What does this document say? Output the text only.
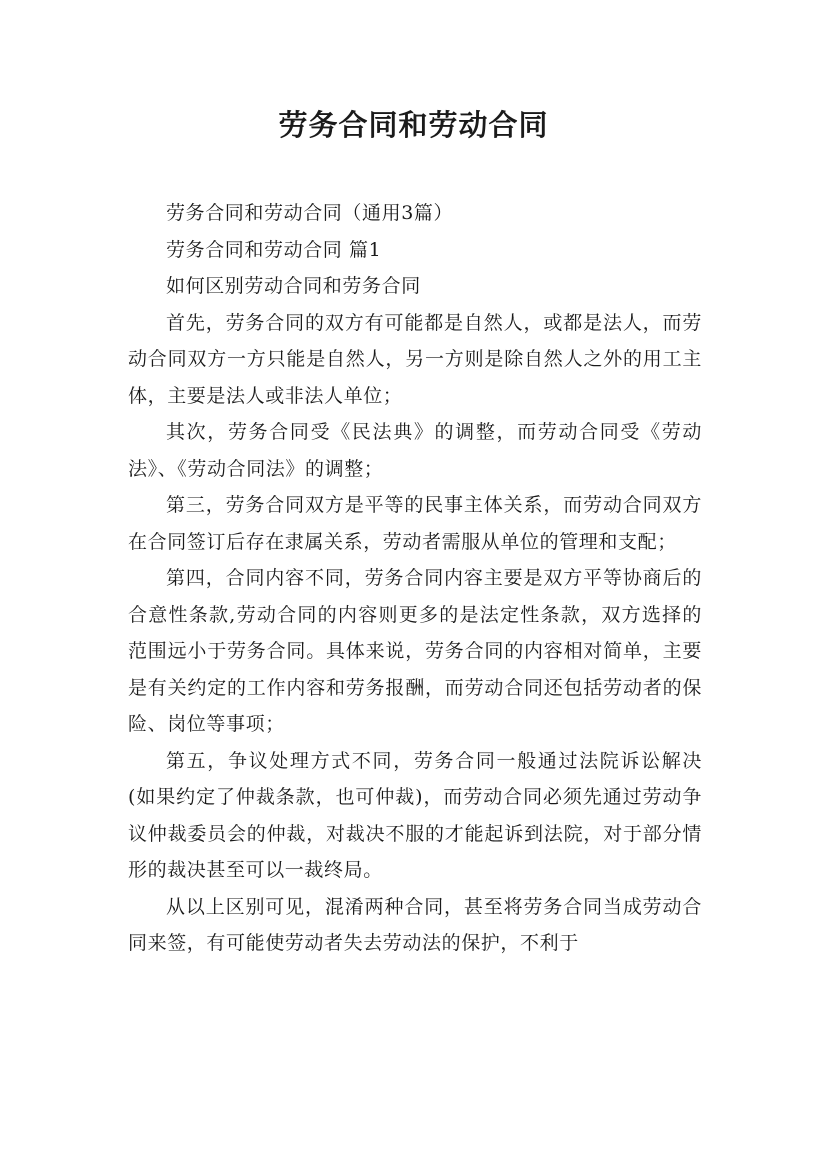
劳务合同和劳动合同

劳务合同和劳动合同（通用3篇）

劳务合同和劳动合同 篇1

如何区别劳动合同和劳务合同

首先，劳务合同的双方有可能都是自然人，或都是法人，而劳动合同双方一方只能是自然人，另一方则是除自然人之外的用工主体，主要是法人或非法人单位；

其次，劳务合同受《民法典》的调整，而劳动合同受《劳动法》、《劳动合同法》的调整；

第三，劳务合同双方是平等的民事主体关系，而劳动合同双方在合同签订后存在隶属关系，劳动者需服从单位的管理和支配；

第四，合同内容不同，劳务合同内容主要是双方平等协商后的合意性条款,劳动合同的内容则更多的是法定性条款，双方选择的范围远小于劳务合同。具体来说，劳务合同的内容相对简单，主要是有关约定的工作内容和劳务报酬，而劳动合同还包括劳动者的保险、岗位等事项；

第五，争议处理方式不同，劳务合同一般通过法院诉讼解决(如果约定了仲裁条款，也可仲裁)，而劳动合同必须先通过劳动争议仲裁委员会的仲裁，对裁决不服的才能起诉到法院，对于部分情形的裁决甚至可以一裁终局。

从以上区别可见，混淆两种合同，甚至将劳务合同当成劳动合同来签，有可能使劳动者失去劳动法的保护，不利于
